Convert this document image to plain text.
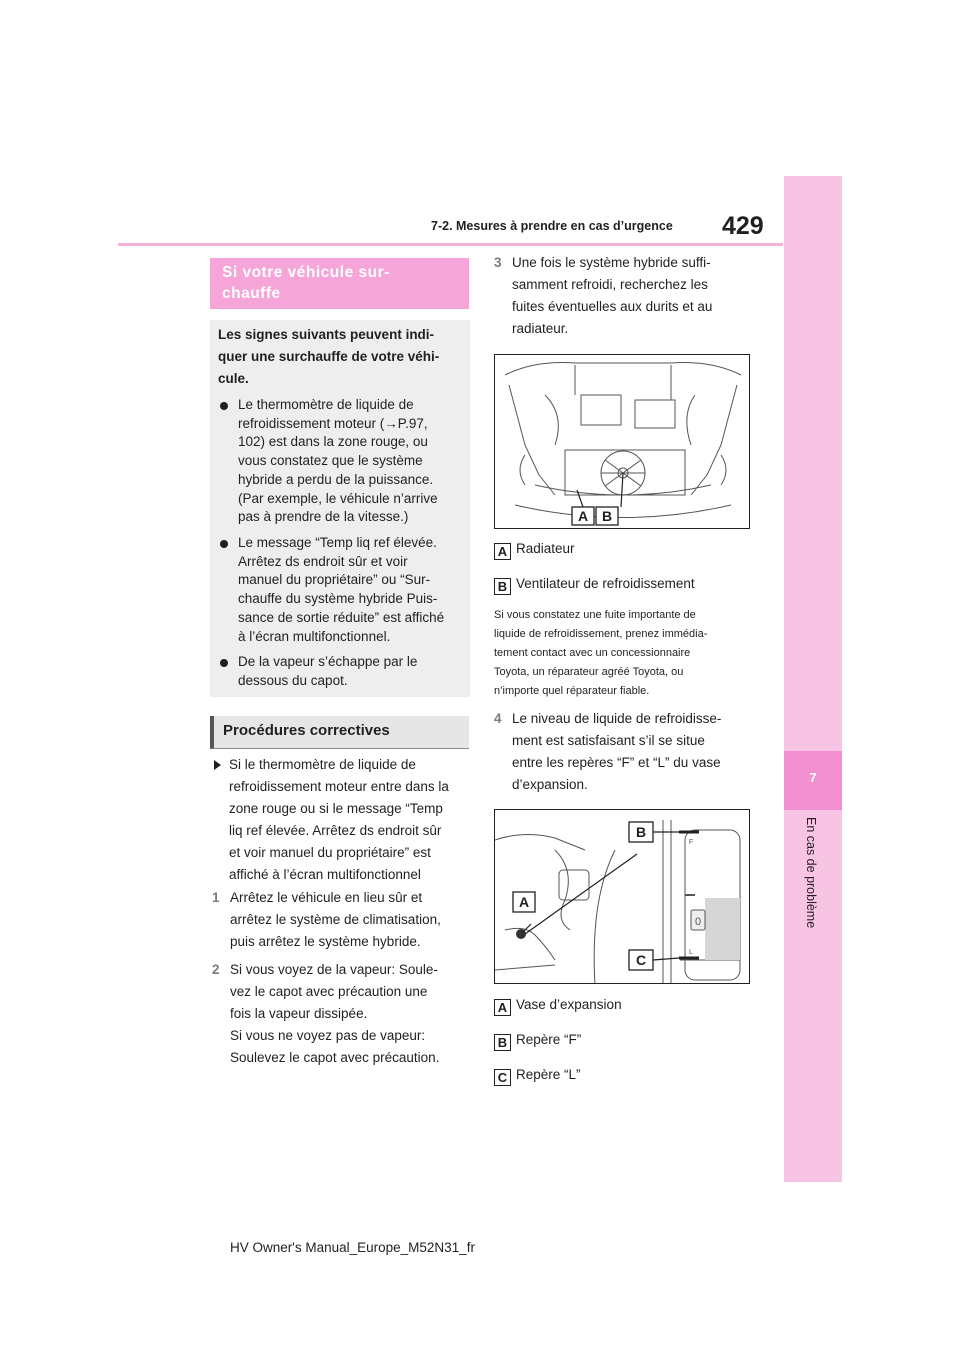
7-2. Mesures à prendre en cas d’urgence 429
7
En cas de problème
Si votre véhicule sur-
chauffe
Les signes suivants peuvent indi-
quer une surchauffe de votre véhi-
cule.
Le thermomètre de liquide de
refroidissement moteur (→P.97,
102) est dans la zone rouge, ou
vous constatez que le système
hybride a perdu de la puissance.
(Par exemple, le véhicule n’arrive
pas à prendre de la vitesse.)
Le message “Temp liq ref élevée.
Arrêtez ds endroit sûr et voir
manuel du propriétaire” ou “Sur-
chauffe du système hybride Puis-
sance de sortie réduite” est affiché
à l’écran multifonctionnel.
De la vapeur s’échappe par le
dessous du capot.
Procédures correctives
Si le thermomètre de liquide de
refroidissement moteur entre dans la
zone rouge ou si le message “Temp
liq ref élevée. Arrêtez ds endroit sûr
et voir manuel du propriétaire” est
affiché à l’écran multifonctionnel
1 Arrêtez le véhicule en lieu sûr et
arrêtez le système de climatisation,
puis arrêtez le système hybride.
2 Si vous voyez de la vapeur: Soule-
vez le capot avec précaution une
fois la vapeur dissipée.
Si vous ne voyez pas de vapeur:
Soulevez le capot avec précaution.
3 Une fois le système hybride suffi-
samment refroidi, recherchez les
fuites éventuelles aux durits et au
radiateur.
A B
A Radiateur
B Ventilateur de refroidissement
Si vous constatez une fuite importante de
liquide de refroidissement, prenez immédia-
tement contact avec un concessionnaire
Toyota, un réparateur agréé Toyota, ou
n’importe quel réparateur fiable.
4 Le niveau de liquide de refroidisse-
ment est satisfaisant s’il se situe
entre les repères “F” et “L” du vase
d’expansion.
0
F
L
B
A
C
A Vase d’expansion
B Repère “F”
C Repère “L”
HV Owner's Manual_Europe_M52N31_fr
